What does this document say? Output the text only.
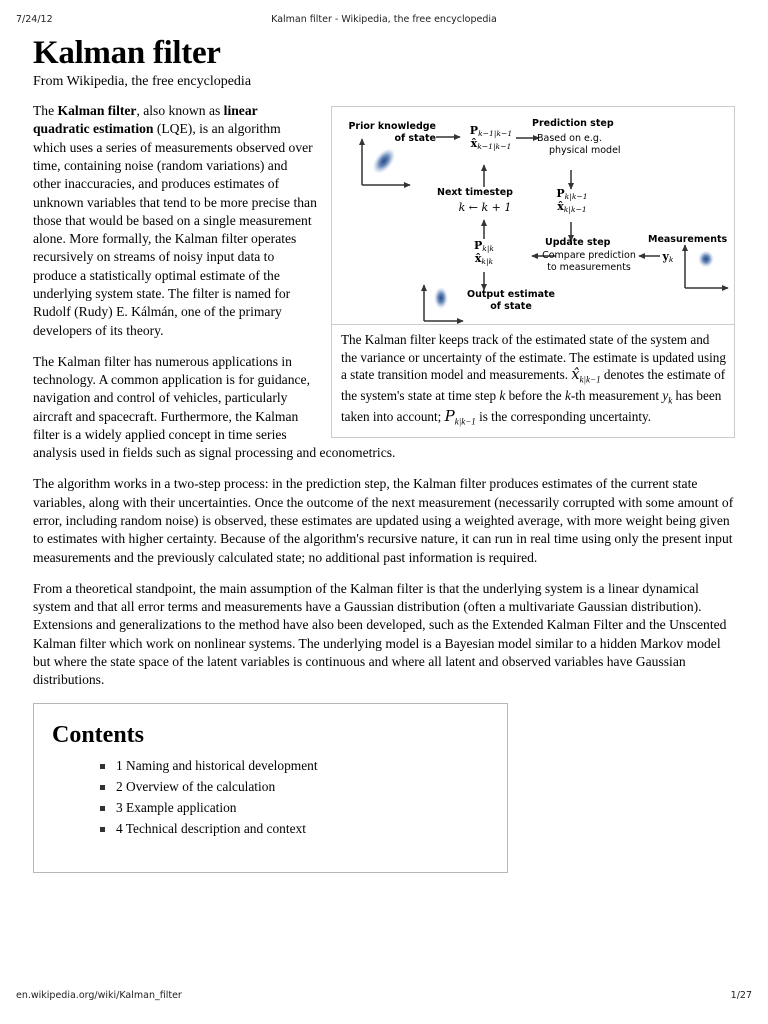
7/24/12	Kalman filter - Wikipedia, the free encyclopedia
Kalman filter
From Wikipedia, the free encyclopedia
Prior knowledge
of state
$P_{k-1|k-1}$
$x̂_{k-1|k-1}$
Prediction step
Based on e.g.
physical model
$P_{k|k-1}$
$x̂_{k|k-1}$
Next timestep
k ← k + 1
$P_{k|k}$
$x̂_{k|k}$
Update step
Compare prediction
to measurements
Measurements
$y_k$
Output estimate
of state
The Kalman filter keeps track of the estimated state of the system and the variance or uncertainty of the estimate. The estimate is updated using a state transition model and measurements. $x̂_{k|k-1}$ denotes the estimate of the system's state at time step k before the k-th measurement $y_k$ has been taken into account; $P_{k|k-1}$ is the corresponding uncertainty.

The Kalman filter, also known as linear quadratic estimation (LQE), is an algorithm which uses a series of measurements observed over time, containing noise (random variations) and other inaccuracies, and produces estimates of unknown variables that tend to be more precise than those that would be based on a single measurement alone. More formally, the Kalman filter operates recursively on streams of noisy input data to produce a statistically optimal estimate of the underlying system state. The filter is named for Rudolf (Rudy) E. Kálmán, one of the primary developers of its theory.

The Kalman filter has numerous applications in technology. A common application is for guidance, navigation and control of vehicles, particularly aircraft and spacecraft. Furthermore, the Kalman filter is a widely applied concept in time series analysis used in fields such as signal processing and econometrics.

The algorithm works in a two-step process: in the prediction step, the Kalman filter produces estimates of the current state variables, along with their uncertainties. Once the outcome of the next measurement (necessarily corrupted with some amount of error, including random noise) is observed, these estimates are updated using a weighted average, with more weight being given to estimates with higher certainty. Because of the algorithm's recursive nature, it can run in real time using only the present input measurements and the previously calculated state; no additional past information is required.

From a theoretical standpoint, the main assumption of the Kalman filter is that the underlying system is a linear dynamical system and that all error terms and measurements have a Gaussian distribution (often a multivariate Gaussian distribution). Extensions and generalizations to the method have also been developed, such as the Extended Kalman Filter and the Unscented Kalman filter which work on nonlinear systems. The underlying model is a Bayesian model similar to a hidden Markov model but where the state space of the latent variables is continuous and where all latent and observed variables have Gaussian distributions.

Contents
1 Naming and historical development
2 Overview of the calculation
3 Example application
4 Technical description and context
en.wikipedia.org/wiki/Kalman_filter	1/27
